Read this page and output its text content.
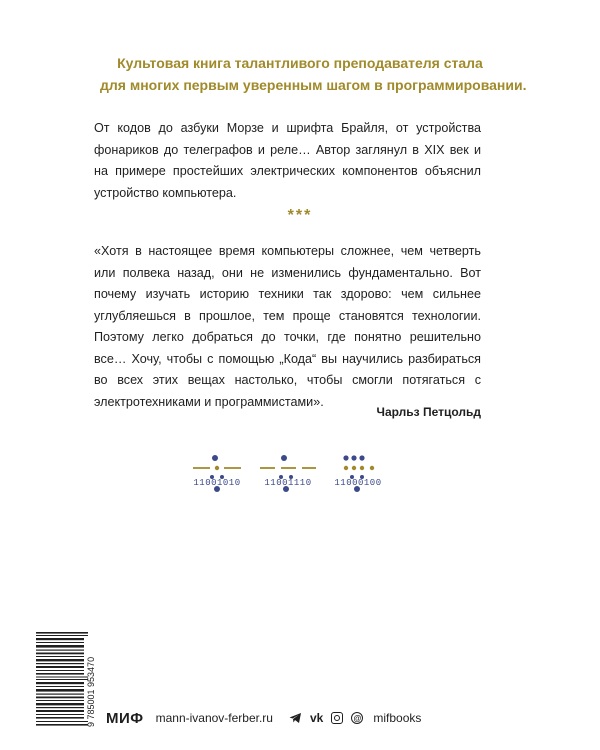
Культовая книга талантливого преподавателя стала
для многих первым уверенным шагом в программировании.
От кодов до азбуки Морзе и шрифта Брайля, от устройства фонариков до телеграфов и реле… Автор заглянул в XIX век и на примере простейших электрических компонентов объяснил устройство компьютера.
***
«Хотя в настоящее время компьютеры сложнее, чем четверть или полвека назад, они не изменились фундаментально. Вот почему изучать историю техники так здорово: чем сильнее углубляешься в прошлое, тем проще становятся технологии. Поэтому легко добраться до точки, где понятно решительно все… Хочу, чтобы с помощью „Кода“ вы научились разбираться во всех этих вещах настолько, чтобы смогли потягаться с электротехниками и программистами».
Чарльз Петцольд
11001010	11001110	11000100
9 785001 953470 МИФ mann-ivanov-ferber.ru	vk	@ mifbooks
